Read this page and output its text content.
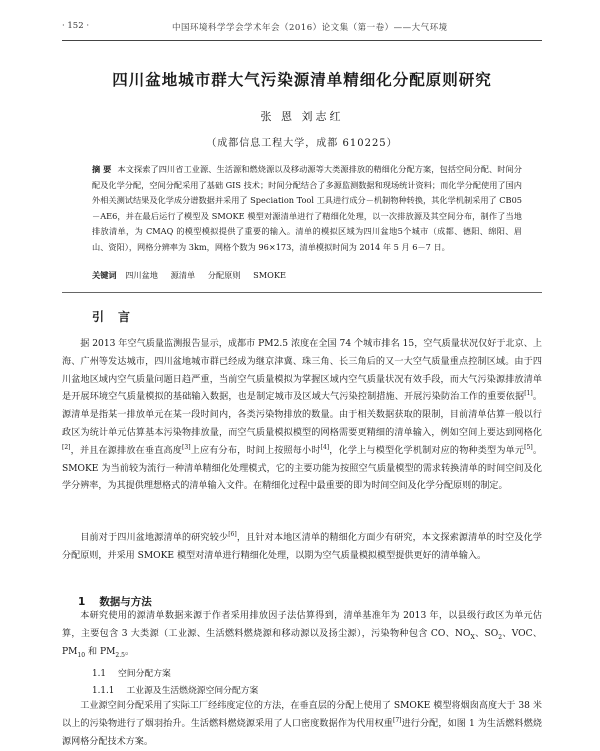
· 152 ·	中国环境科学学会学术年会（2016）论文集（第一卷）——大气环境
四川盆地城市群大气污染源清单精细化分配原则研究
张 恩 刘志红
（成都信息工程大学，成都 610225）
摘 要 本文探索了四川省工业源、生活源和燃烧源以及移动源等大类源排放的精细化分配方案，包括空间分配、时间分配及化学分配，空间分配采用了基础 GIS 技术；时间分配结合了多源监测数据和现场统计资料；而化学分配使用了国内外相关测试结果及化学成分谱数据并采用了 Speciation Tool 工具进行成分－机制物种转换，其化学机制采用了 CB05－AE6，并在最后运行了模型及 SMOKE 模型对源清单进行了精细化处理，以一次排放源及其空间分布，制作了当地排放清单，为 CMAQ 的模型模拟提供了重要的输入。清单的模拟区域为四川盆地5个城市（成都、德阳、绵阳、眉山、资阳），网格分辨率为 3km，网格个数为 96×173，清单模拟时间为 2014 年 5 月 6－7 日。
关键词 四川盆地 源清单 分配原则 SMOKE
引言

据 2013 年空气质量监测报告显示，成都市 PM2.5 浓度在全国 74 个城市排名 15，空气质量状况仅好于北京、上海、广州等发达城市，四川盆地城市群已经成为继京津冀、珠三角、长三角后的又一大空气质量重点控制区域。由于四川盆地区域内空气质量问题日趋严重，当前空气质量模拟为掌握区域内空气质量状况有效手段，而大气污染源排放清单是开展环境空气质量模拟的基础输入数据，也是制定城市及区域大气污染控制措施、开展污染防治工作的重要依据[1]。源清单是指某一排放单元在某一段时间内，各类污染物排放的数量。由于相关数据获取的限制，目前清单估算一般以行政区为统计单元估算基本污染物排放量，而空气质量模拟模型的网格需要更精细的清单输入，例如空间上要达到网格化[2]，并且在源排放在垂直高度[3]上应有分布，时间上按照每小时[4]，化学上与模型化学机制对应的物种类型为单元[5]。SMOKE 为当前较为流行一种清单精细化处理模式，它的主要功能为按照空气质量模型的需求转换清单的时间空间及化学分辨率，为其提供理想格式的清单输入文件。在精细化过程中最重要的即为时间空间及化学分配原则的制定。

目前对于四川盆地源清单的研究较少[6]，且针对本地区清单的精细化方面少有研究，本文探索源清单的时空及化学分配原则，并采用 SMOKE 模型对清单进行精细化处理，以期为空气质量模拟模型提供更好的清单输入。

1 数据与方法

本研究使用的源清单数据来源于作者采用排放因子法估算得到，清单基准年为 2013 年，以县级行政区为单元估算，主要包含 3 大类源（工业源、生活燃料燃烧源和移动源以及扬尘源），污染物种包含 CO、$NO_X$、$SO_2$、VOC、$PM_{10}$ 和 $PM_{2.5}$。

1.1 空间分配方案
1.1.1 工业源及生活燃烧源空间分配方案

工业源空间分配采用了实际工厂经纬度定位的方法，在垂直层的分配上使用了 SMOKE 模型将烟囱高度大于 38 米以上的污染物进行了烟羽抬升。生活燃料燃烧源采用了人口密度数据作为代用权重[7]进行分配，如图 1 为生活燃料燃烧源网格分配技术方案。
